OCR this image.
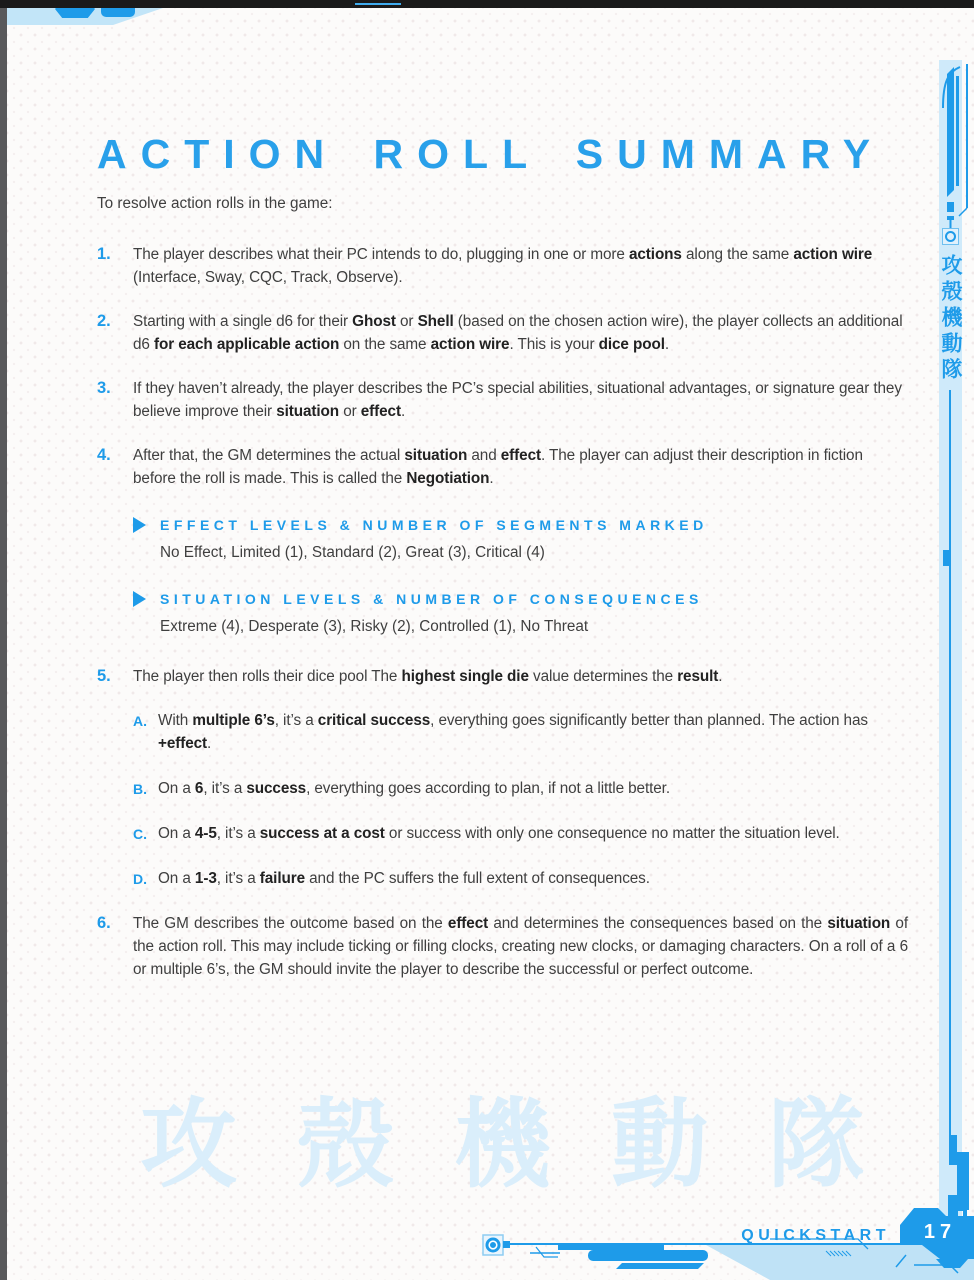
攻殻機動隊
ACTION ROLL SUMMARY

To resolve action rolls in the game:

1.	The player describes what their PC intends to do, plugging in one or more actions along the same action wire (Interface, Sway, CQC, Track, Observe).
2.	Starting with a single d6 for their Ghost or Shell (based on the chosen action wire), the player collects an additional d6 for each applicable action on the same action wire. This is your dice pool.
3.	If they haven’t already, the player describes the PC’s special abilities, situational advantages, or signature gear they believe improve their situation or effect.
4.	After that, the GM determines the actual situation and effect. The player can adjust their description in fiction before the roll is made. This is called the Negotiation.
EFFECT LEVELS & NUMBER OF SEGMENTS MARKED
No Effect, Limited (1), Standard (2), Great (3), Critical (4)
SITUATION LEVELS & NUMBER OF CONSEQUENCES
Extreme (4), Desperate (3), Risky (2), Controlled (1), No Threat
5.	The player then rolls their dice pool The highest single die value determines the result.
A. With multiple 6’s, it’s a critical success, everything goes significantly better than planned. The action has +effect.
B. On a 6, it’s a success, everything goes according to plan, if not a little better.
C. On a 4-5, it’s a success at a cost or success with only one consequence no matter the situation level.
D. On a 1-3, it’s a failure and the PC suffers the full extent of consequences.
6.	The GM describes the outcome based on the effect and determines the consequences based on the situation of the action roll. This may include ticking or filling clocks, creating new clocks, or damaging characters. On a roll of a 6 or multiple 6’s, the GM should invite the player to describe the successful or perfect outcome.
攻殻機動隊
QUICKSTART	17
